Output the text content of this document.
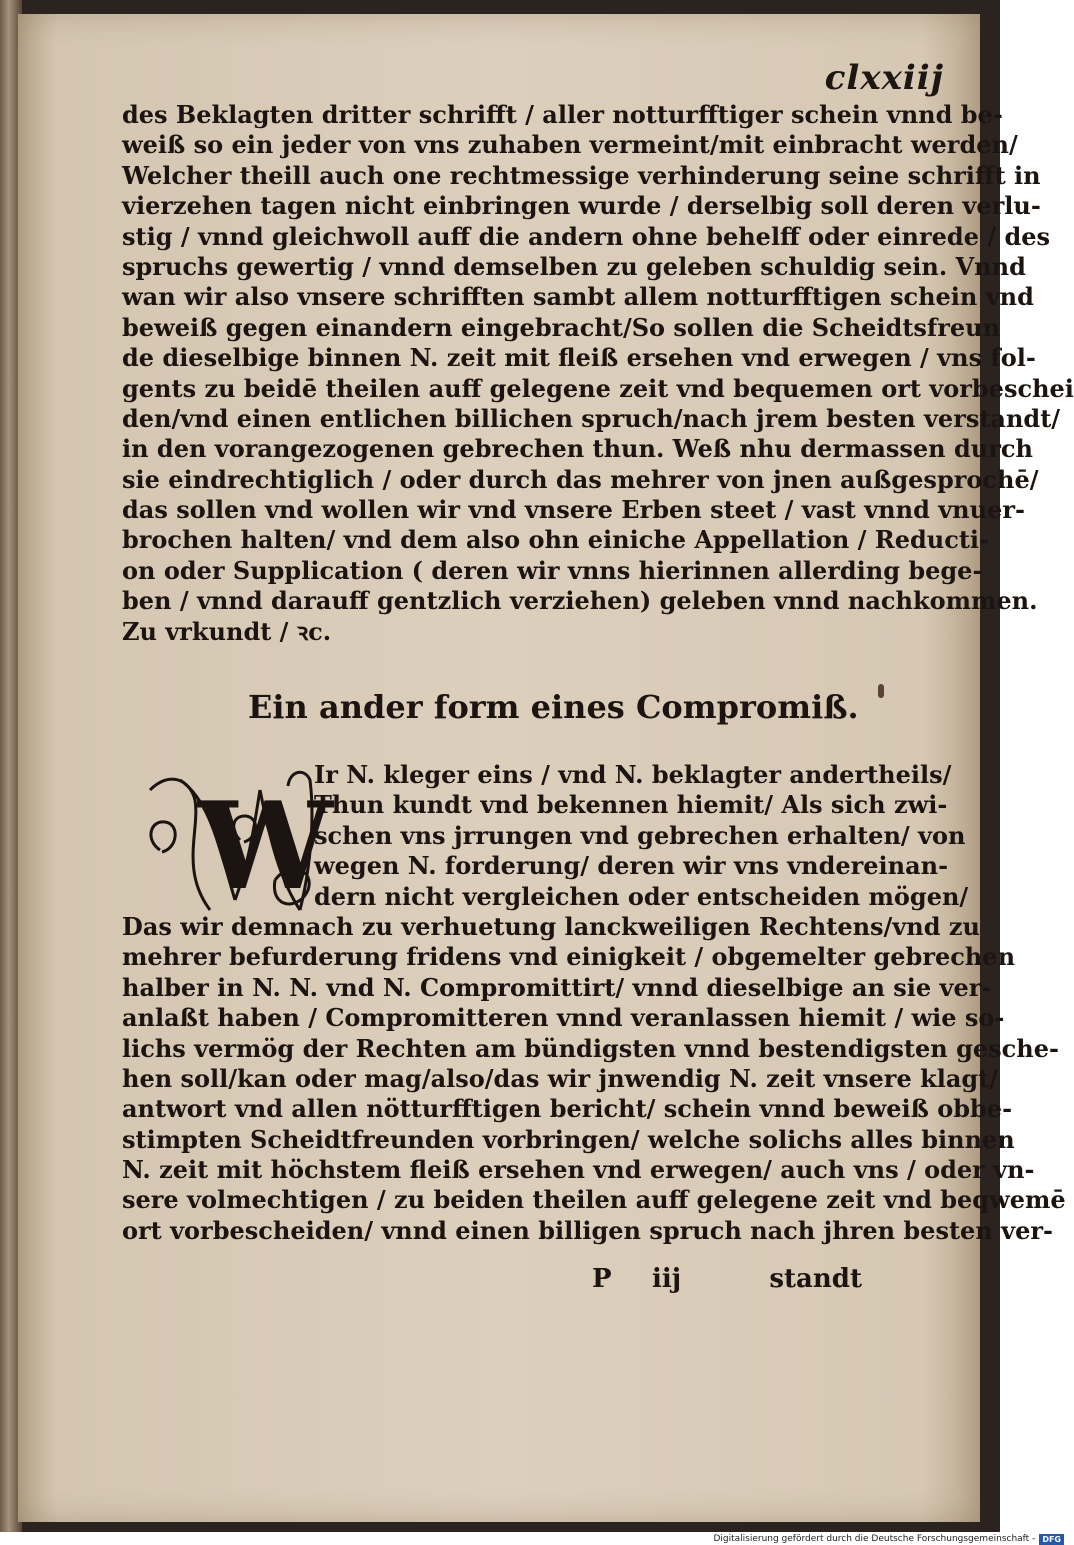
clxxiij
des Beklagten dritter schrifft / aller notturfftiger schein vnnd be-
weiß so ein jeder von vns zuhaben vermeint/mit einbracht werden/
Welcher theill auch one rechtmessige verhinderung seine schrifft in
vierzehen tagen nicht einbringen wurde / derselbig soll deren verlu-
stig / vnnd gleichwoll auff die andern ohne behelff oder einrede / des
spruchs gewertig / vnnd demselben zu geleben schuldig sein. Vnnd
wan wir also vnsere schrifften sambt allem notturfftigen schein vnd
beweiß gegen einandern eingebracht/So sollen die Scheidtsfreun
de dieselbige binnen N. zeit mit fleiß ersehen vnd erwegen / vns fol-
gents zu beidē theilen auff gelegene zeit vnd bequemen ort vorbeschei
den/vnd einen entlichen billichen spruch/nach jrem besten verstandt/
in den vorangezogenen gebrechen thun. Weß nhu dermassen durch
sie eindrechtiglich / oder durch das mehrer von jnen außgesprochē/
das sollen vnd wollen wir vnd vnsere Erben steet / vast vnnd vnuer-
brochen halten/ vnd dem also ohn einiche Appellation / Reducti-
on oder Supplication ( deren wir vnns hierinnen allerding bege-
ben / vnnd darauff gentzlich verziehen) geleben vnnd nachkommen.
Zu vrkundt / ꝛc.
Ein ander form eines Compromiß.
W
Ir N. kleger eins / vnd N. beklagter andertheils/
Thun kundt vnd bekennen hiemit/ Als sich zwi-
schen vns jrrungen vnd gebrechen erhalten/ von
wegen N. forderung/ deren wir vns vndereinan-
dern nicht vergleichen oder entscheiden mögen/
Das wir demnach zu verhuetung lanckweiligen Rechtens/vnd zu
mehrer befurderung fridens vnd einigkeit / obgemelter gebrechen
halber in N. N. vnd N. Compromittirt/ vnnd dieselbige an sie ver-
anlaßt haben / Compromitteren vnnd veranlassen hiemit / wie so-
lichs vermög der Rechten am bündigsten vnnd bestendigsten gesche-
hen soll/kan oder mag/also/das wir jnwendig N. zeit vnsere klagt/
antwort vnd allen nötturfftigen bericht/ schein vnnd beweiß obbe-
stimpten Scheidtfreunden vorbringen/ welche solichs alles binnen
N. zeit mit höchstem fleiß ersehen vnd erwegen/ auch vns / oder vn-
sere volmechtigen / zu beiden theilen auff gelegene zeit vnd beqwemē
ort vorbescheiden/ vnnd einen billigen spruch nach jhren besten ver-
P iij	standt
Digitalisierung gefördert durch die Deutsche Forschungsgemeinschaft - DFG
